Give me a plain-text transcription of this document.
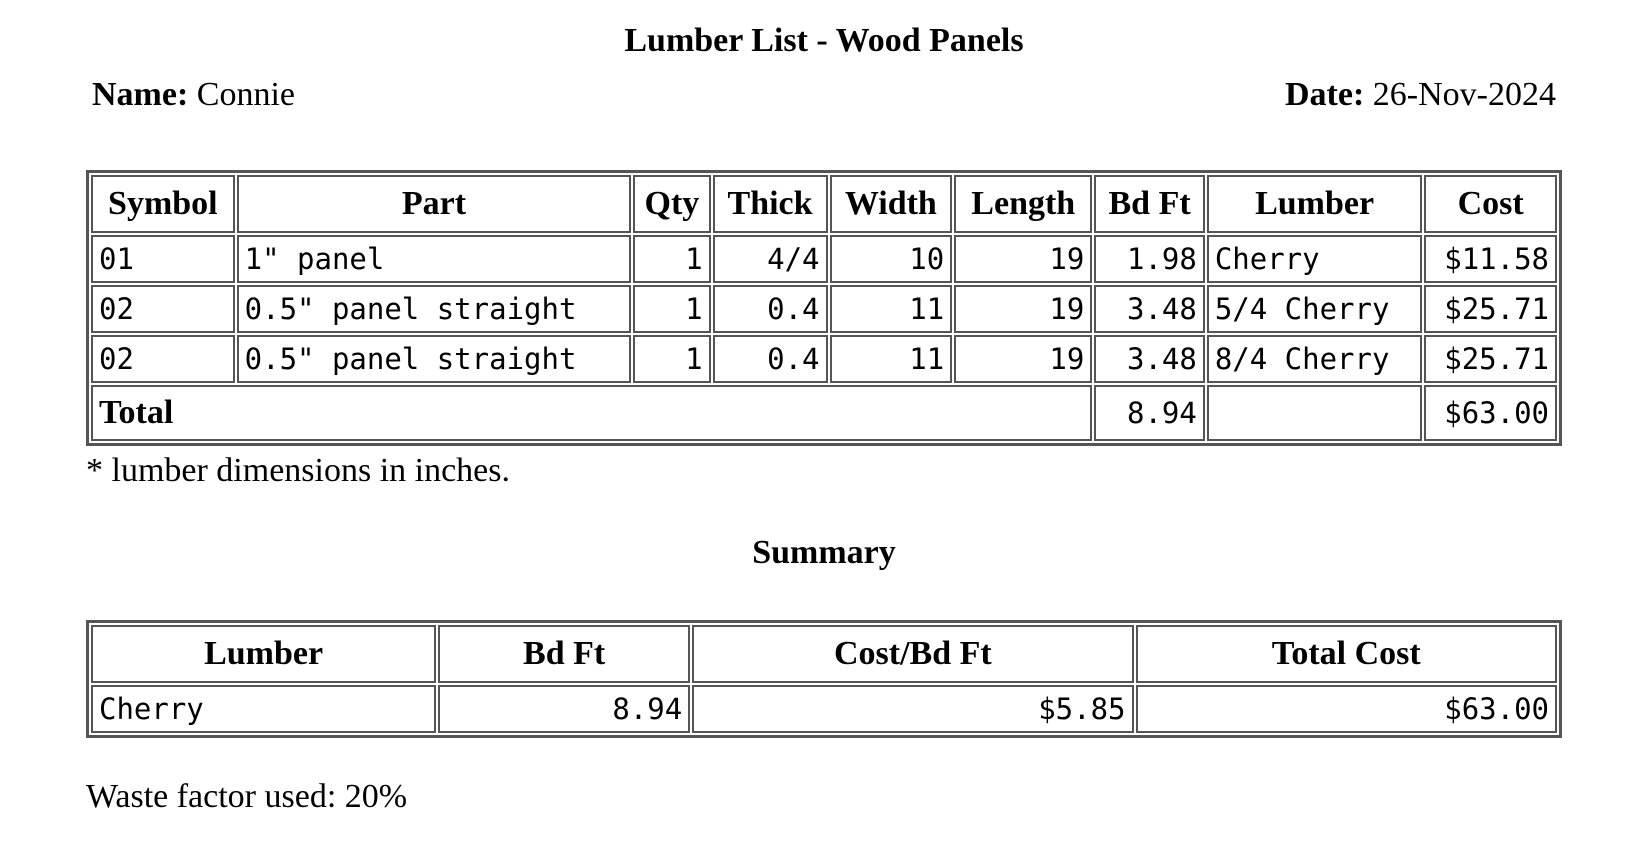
Lumber List - Wood Panels
Name: Connie	Date: 26-Nov-2024
Symbol	Part	Qty	Thick	Width	Length	Bd Ft	Lumber	Cost
01	1" panel	1	4/4	10	19	1.98	Cherry	$11.58
02	0.5" panel straight	1	0.4	11	19	3.48	5/4 Cherry	$25.71
02	0.5" panel straight	1	0.4	11	19	3.48	8/4 Cherry	$25.71
Total						8.94		$63.00
* lumber dimensions in inches.
Summary
Lumber	Bd Ft	Cost/Bd Ft	Total Cost
Cherry	8.94	$5.85	$63.00
Waste factor used: 20%
